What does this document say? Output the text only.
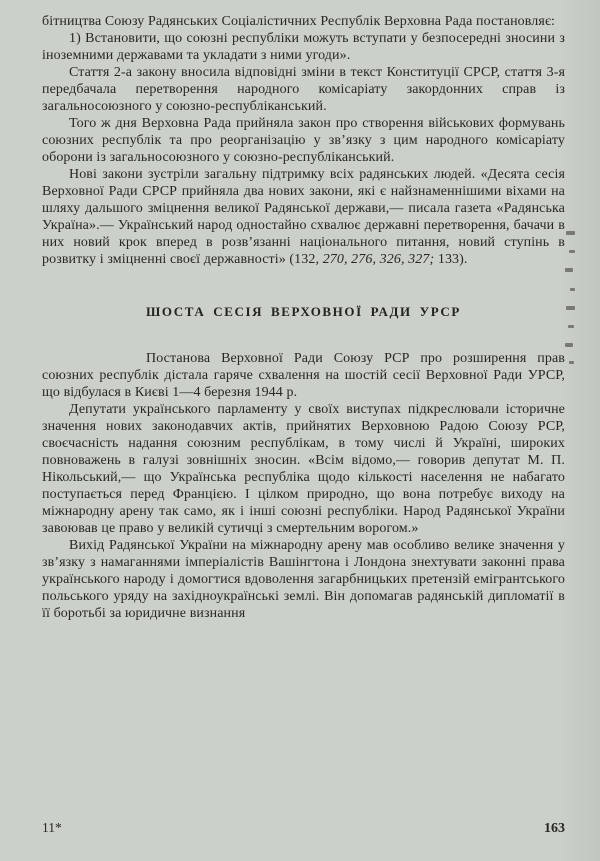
бітництва Союзу Радянських Соціалістичних Республік Верховна Рада постановляє:

1) Встановити, що союзні республіки можуть вступати у безпосередні зносини з іноземними державами та укладати з ними угоди».

Стаття 2-а закону вносила відповідні зміни в текст Конституції СРСР, стаття 3-я передбачала перетворення народного комісаріату закордонних справ із загальносоюзного у союзно-республіканський.

Того ж дня Верховна Рада прийняла закон про створення військових формувань союзних республік та про реорганізацію у зв’язку з цим народного комісаріату оборони із загальносоюзного у союзно-республіканський.

Нові закони зустріли загальну підтримку всіх радянських людей. «Десята сесія Верховної Ради СРСР прийняла два нових закони, які є найзнаменнішими віхами на шляху дальшого зміцнення великої Радянської держави,— писала газета «Радянська Україна».— Український народ одностайно схвалює державні перетворення, бачачи в них новий крок вперед в розв’язанні національного питання, новий ступінь в розвитку і зміцненні своєї державності» (132, 270, 276, 326, 327; 133).

ШОСТА СЕСІЯ ВЕРХОВНОЇ РАДИ УРСР

Постанова Верховної Ради Союзу РСР про розширення прав союзних республік дістала гаряче схвалення на шостій сесії Верховної Ради УРСР, що відбулася в Києві 1—4 березня 1944 р.

Депутати українського парламенту у своїх виступах підкреслювали історичне значення нових законодавчих актів, прийнятих Верховною Радою Союзу РСР, своєчасність надання союзним республікам, в тому числі й Україні, широких повноважень в галузі зовнішніх зносин. «Всім відомо,— говорив депутат М. П. Нікольський,— що Українська республіка щодо кількості населення не набагато поступається перед Францією. І цілком природно, що вона потребує виходу на міжнародну арену так само, як і інші союзні республіки. Народ Радянської України завоював це право у великій сутичці з смертельним ворогом.»

Вихід Радянської України на міжнародну арену мав особливо велике значення у зв’язку з намаганнями імперіалістів Вашінгтона і Лондона знехтувати законні права українського народу і домогтися вдоволення загарбницьких претензій емігрантського польського уряду на західноукраїнські землі. Він допомагав радянській дипломатії в її боротьбі за юридичне визнання

11*	163
